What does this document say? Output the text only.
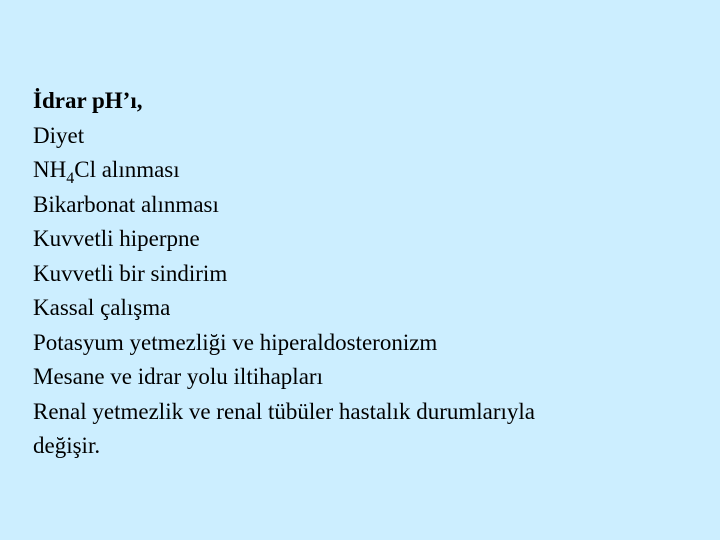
İdrar pH’ı,
Diyet
$NH_4Cl$ alınması
Bikarbonat alınması
Kuvvetli hiperpne
Kuvvetli bir sindirim
Kassal çalışma
Potasyum yetmezliği ve hiperaldosteronizm
Mesane ve idrar yolu iltihapları
Renal yetmezlik ve renal tübüler hastalık durumlarıyla
değişir.
